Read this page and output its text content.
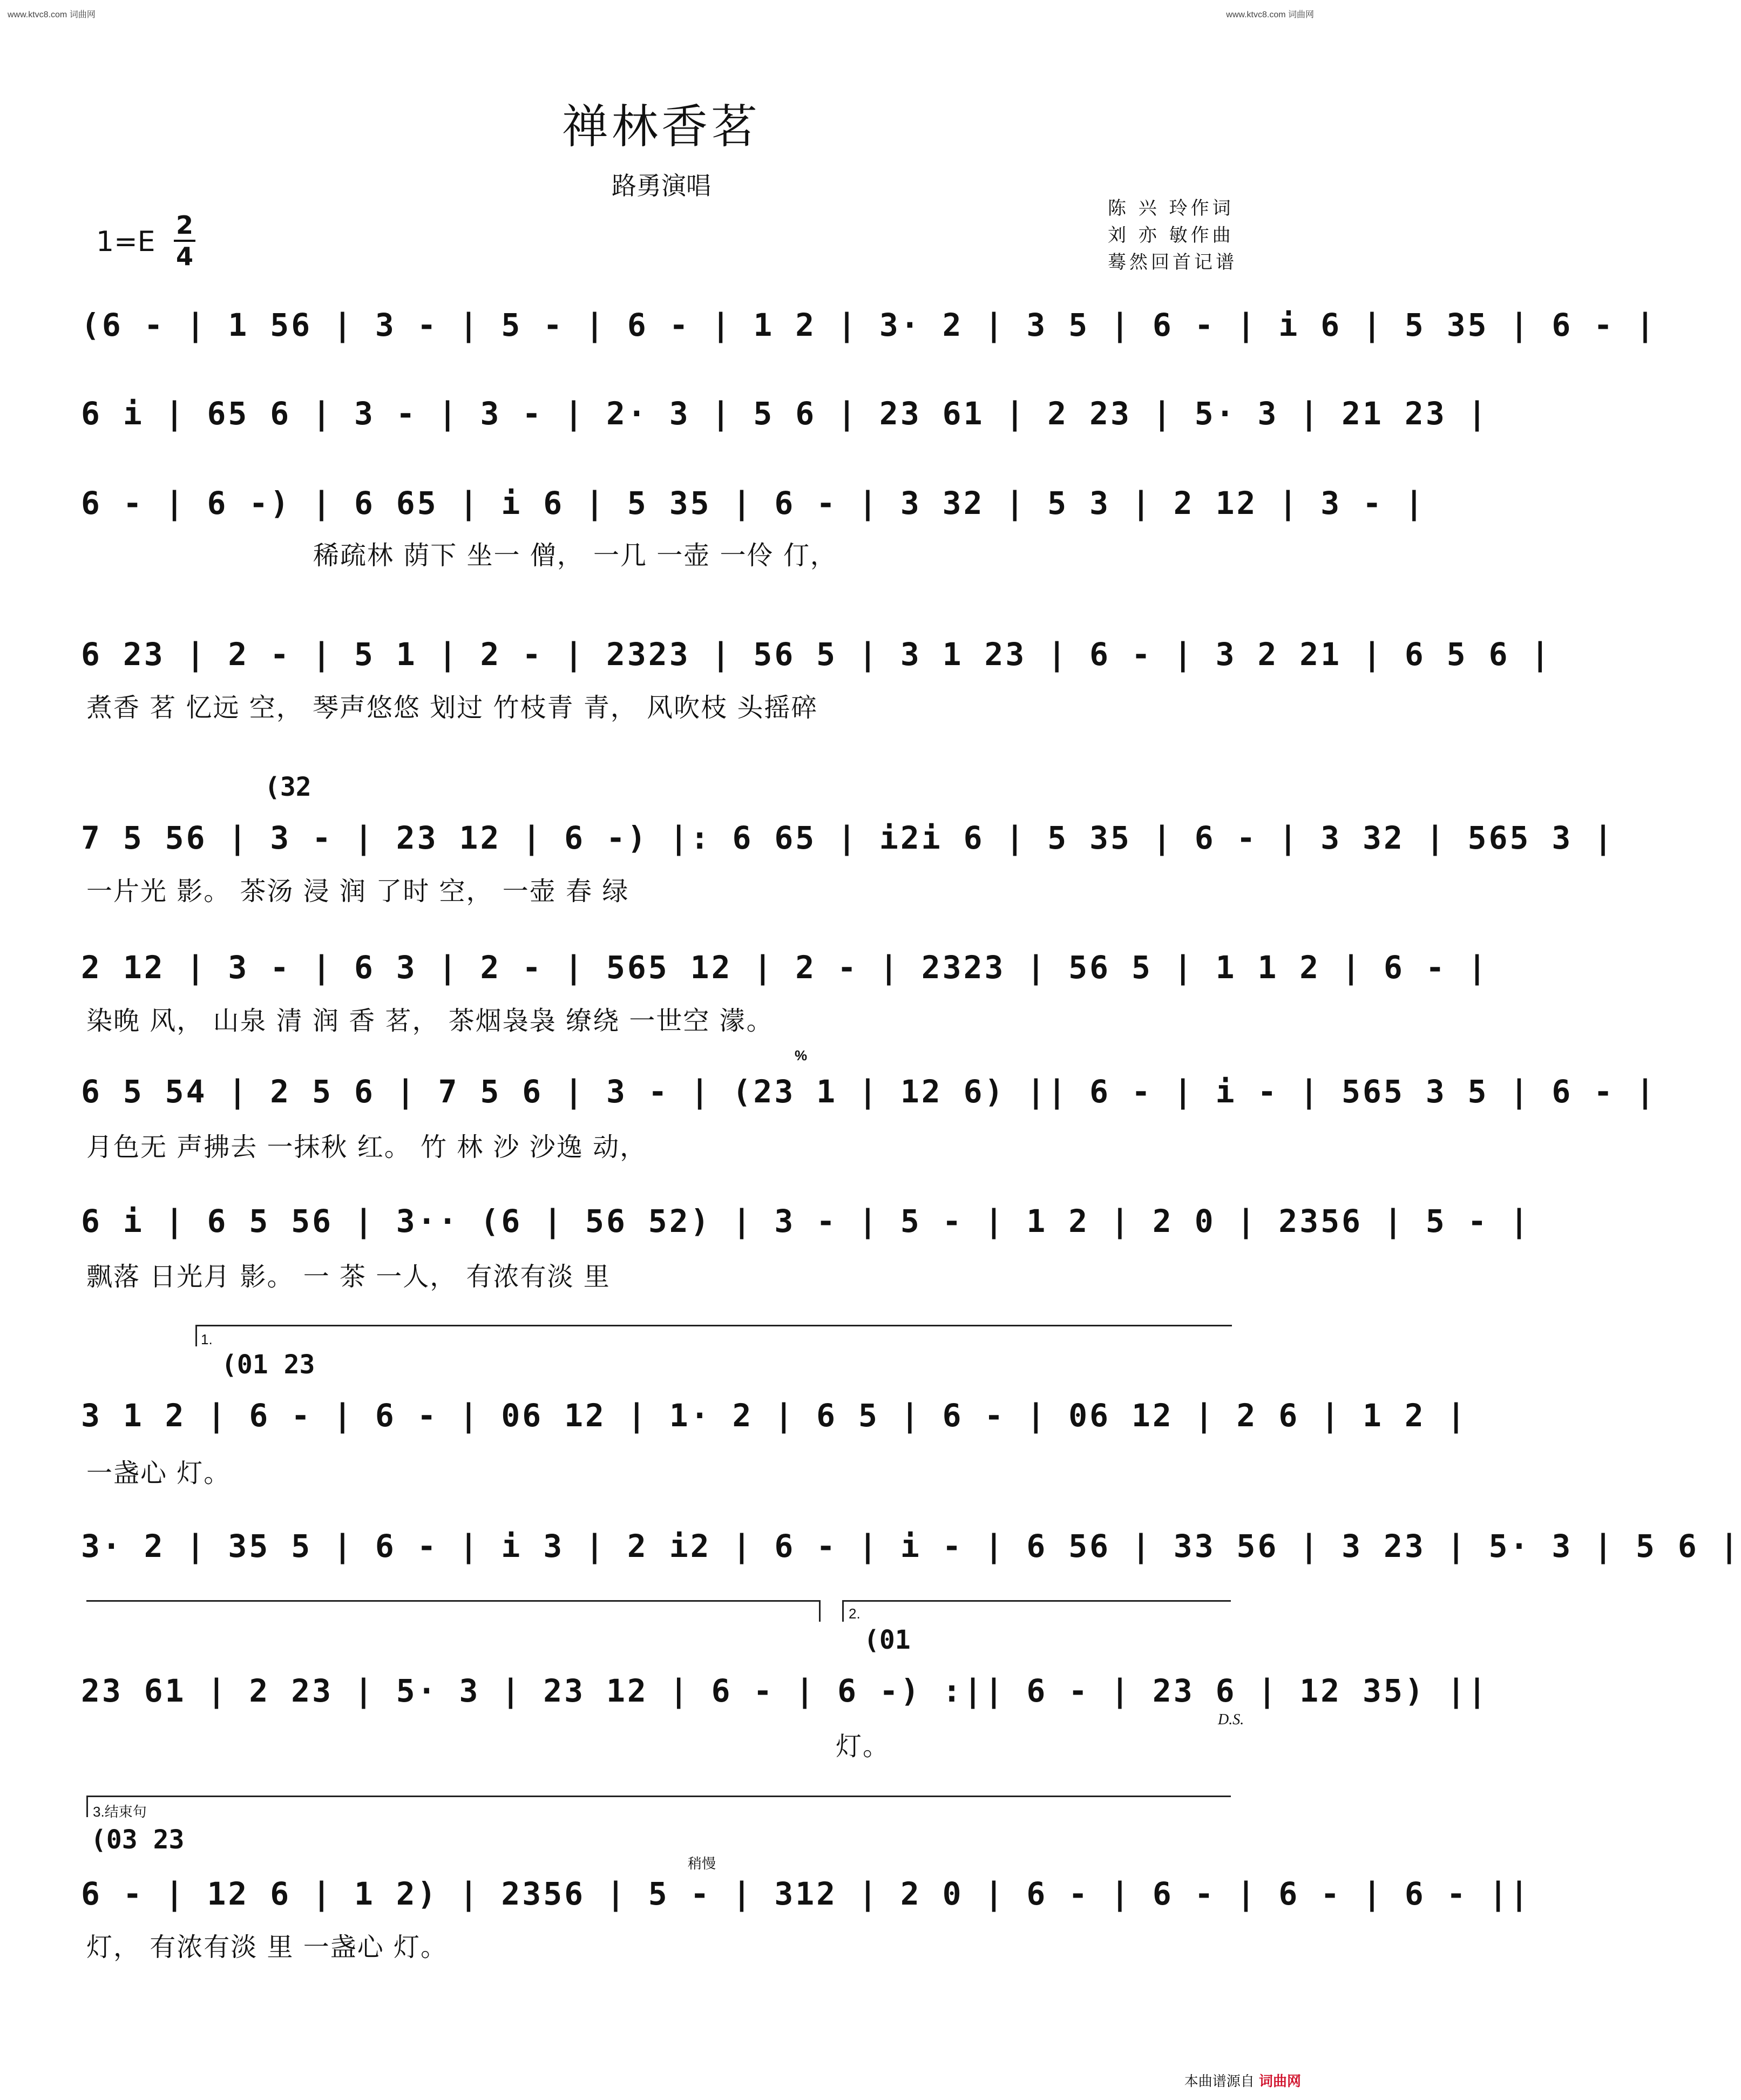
www.ktvc8.com 词曲网	www.ktvc8.com 词曲网
禅林香茗
路勇演唱
陈 兴 玲作词
刘 亦 敏作曲
蓦然回首记谱
1=E
2
4
(6 - | 1 56 | 3 - | 5 - | 6 - | 1 2 | 3· 2 | 3 5 | 6 - | i 6 | 5 35 | 6 - |
6 i | 65 6 | 3 - | 3 - | 2· 3 | 5 6 | 23 61 | 2 23 | 5· 3 | 21 23 |
6 - | 6 -) | 6 65 | i 6 | 5 35 | 6 - | 3 32 | 5 3 | 2 12 | 3 - |
稀疏林 荫下 坐一 僧， 一几 一壶 一伶 仃，
6 23 | 2 - | 5 1 | 2 - | 2323 | 56 5 | 3 1 23 | 6 - | 3 2 21 | 6 5 6 |
煮香 茗 忆远 空， 琴声悠悠 划过 竹枝青 青， 风吹枝 头摇碎
(32
7 5 56 | 3 - | 23 12 | 6 -) |: 6 65 | i2i 6 | 5 35 | 6 - | 3 32 | 565 3 |
一片光 影。 茶汤 浸 润 了时 空， 一壶 春 绿
2 12 | 3 - | 6 3 | 2 - | 565 12 | 2 - | 2323 | 56 5 | 1 1 2 | 6 - |
染晚 风， 山泉 清 润 香 茗， 茶烟袅袅 缭绕 一世空 濛。
%
6 5 54 | 2 5 6 | 7 5 6 | 3 - | (23 1 | 12 6) || 6 - | i - | 565 3 5 | 6 - |
月色无 声拂去 一抹秋 红。 竹 林 沙 沙逸 动，
6 i | 6 5 56 | 3·· (6 | 56 52) | 3 - | 5 - | 1 2 | 2 0 | 2356 | 5 - |
飘落 日光月 影。 一 茶 一人， 有浓有淡 里
1.
(01 23
3 1 2 | 6 - | 6 - | 06 12 | 1· 2 | 6 5 | 6 - | 06 12 | 2 6 | 1 2 |
一盏心 灯。
3· 2 | 35 5 | 6 - | i 3 | 2 i2 | 6 - | i - | 6 56 | 33 56 | 3 23 | 5· 3 | 5 6 |
2.
(01
23 61 | 2 23 | 5· 3 | 23 12 | 6 - | 6 -) :|| 6 - | 23 6 | 12 35) ||
灯。
D.S.
3.结束句
(03 23
稍慢
6 - | 12 6 | 1 2) | 2356 | 5 - | 312 | 2 0 | 6 - | 6 - | 6 - | 6 - ||
灯， 有浓有淡 里 一盏心 灯。
本曲谱源自 词曲网
